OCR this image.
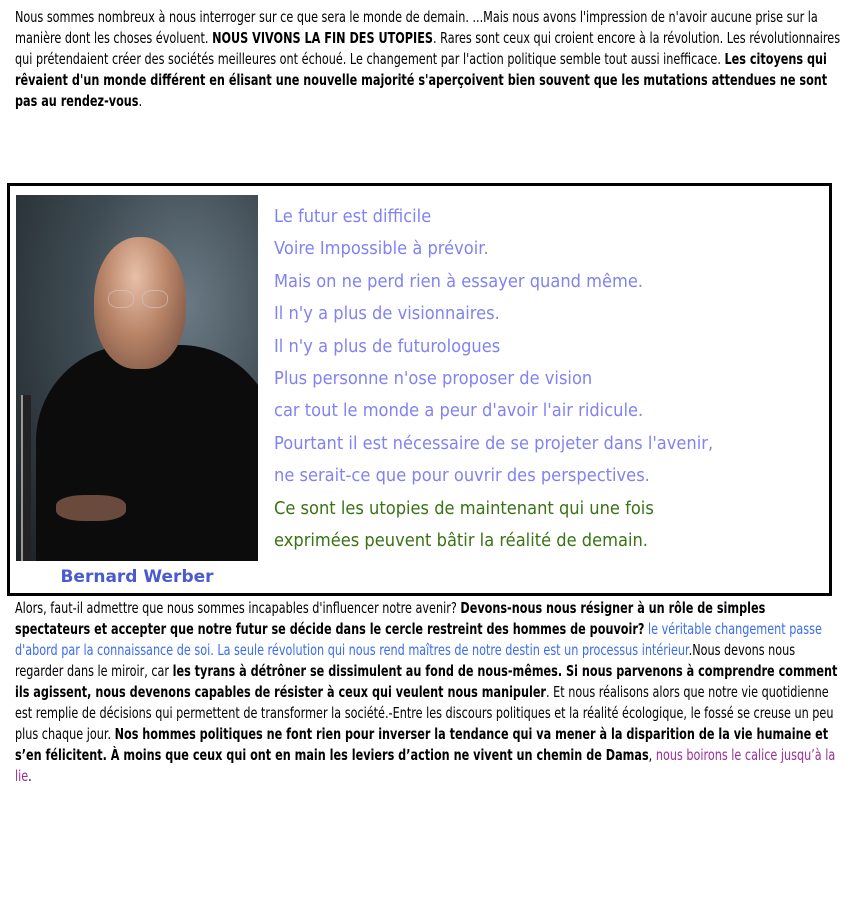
Nous sommes nombreux à nous interroger sur ce que sera le monde de demain. ...Mais nous avons l'impression de n'avoir aucune prise sur la manière dont les choses évoluent. NOUS VIVONS LA FIN DES UTOPIES. Rares sont ceux qui croient encore à la révolution. Les révolutionnaires qui prétendaient créer des sociétés meilleures ont échoué. Le changement par l'action politique semble tout aussi inefficace. Les citoyens qui rêvaient d'un monde différent en élisant une nouvelle majorité s'aperçoivent bien souvent que les mutations attendues ne sont pas au rendez-vous.
Bernard Werber
Le futur est difficile
Voire Impossible à prévoir.
Mais on ne perd rien à essayer quand même.
Il n'y a plus de visionnaires.
Il n'y a plus de futurologues
Plus personne n'ose proposer de vision
car tout le monde a peur d'avoir l'air ridicule.
Pourtant il est nécessaire de se projeter dans l'avenir,
ne serait-ce que pour ouvrir des perspectives.
Ce sont les utopies de maintenant qui une fois
exprimées peuvent bâtir la réalité de demain.
Alors, faut-il admettre que nous sommes incapables d'influencer notre avenir? Devons-nous nous résigner à un rôle de simples spectateurs et accepter que notre futur se décide dans le cercle restreint des hommes de pouvoir? le véritable changement passe d'abord par la connaissance de soi. La seule révolution qui nous rend maîtres de notre destin est un processus intérieur.Nous devons nous regarder dans le miroir, car les tyrans à détrôner se dissimulent au fond de nous-mêmes. Si nous parvenons à comprendre comment ils agissent, nous devenons capables de résister à ceux qui veulent nous manipuler. Et nous réalisons alors que notre vie quotidienne est remplie de décisions qui permettent de transformer la société.-Entre les discours politiques et la réalité écologique, le fossé se creuse un peu plus chaque jour. Nos hommes politiques ne font rien pour inverser la tendance qui va mener à la disparition de la vie humaine et s’en félicitent. À moins que ceux qui ont en main les leviers d’action ne vivent un chemin de Damas, nous boirons le calice jusqu’à la lie.
